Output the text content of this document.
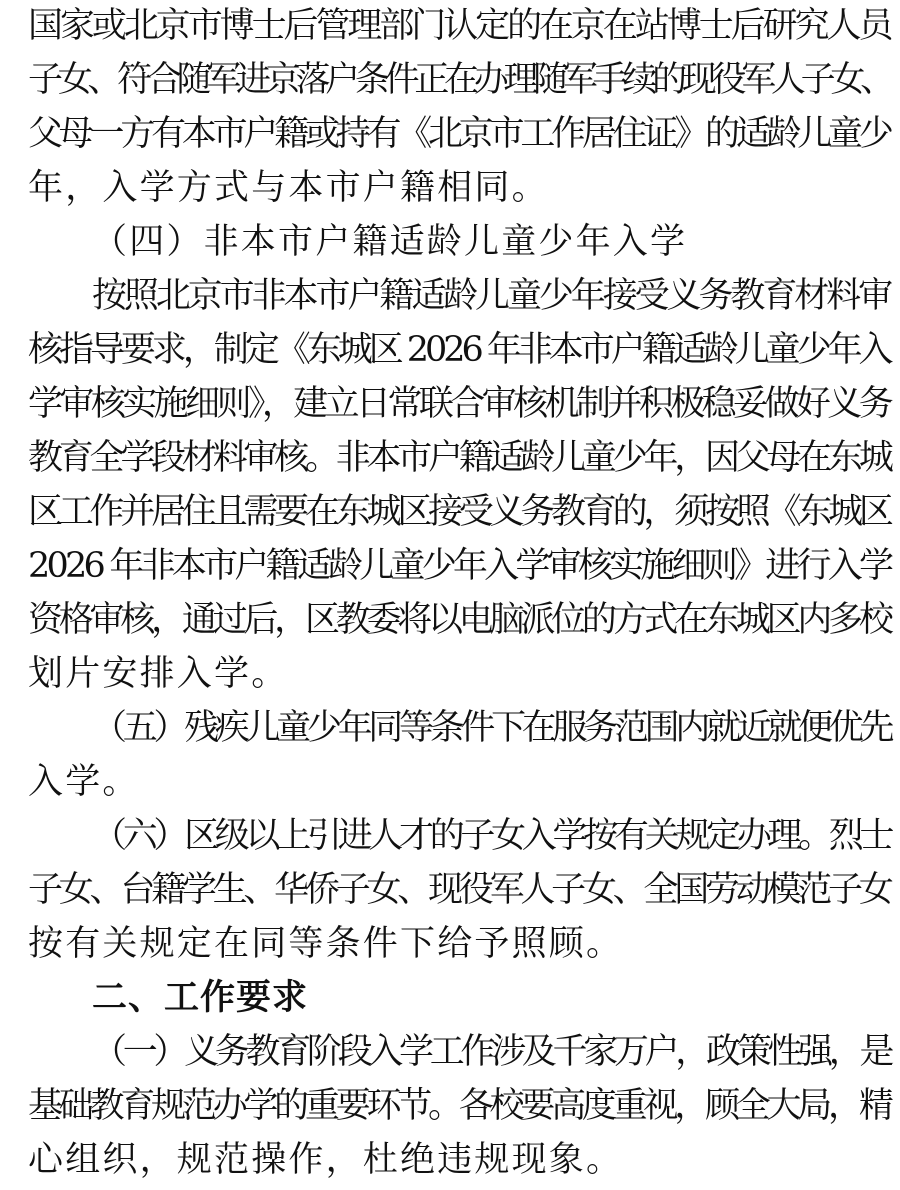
国家或北京市博士后管理部门认定的在京在站博士后研究人员
子女、符合随军进京落户条件正在办理随军手续的现役军人子女、
父母一方有本市户籍或持有《北京市工作居住证》的适龄儿童少
年，入学方式与本市户籍相同。
（四）非本市户籍适龄儿童少年入学
按照北京市非本市户籍适龄儿童少年接受义务教育材料审
核指导要求，制定《东城区 2026 年非本市户籍适龄儿童少年入
学审核实施细则》，建立日常联合审核机制并积极稳妥做好义务
教育全学段材料审核。非本市户籍适龄儿童少年，因父母在东城
区工作并居住且需要在东城区接受义务教育的，须按照《东城区
2026 年非本市户籍适龄儿童少年入学审核实施细则》进行入学
资格审核，通过后，区教委将以电脑派位的方式在东城区内多校
划片安排入学。
（五）残疾儿童少年同等条件下在服务范围内就近就便优先
入学。
（六）区级以上引进人才的子女入学按有关规定办理。烈士
子女、台籍学生、华侨子女、现役军人子女、全国劳动模范子女
按有关规定在同等条件下给予照顾。
二、工作要求
（一）义务教育阶段入学工作涉及千家万户，政策性强，是
基础教育规范办学的重要环节。各校要高度重视，顾全大局，精
心组织，规范操作，杜绝违规现象。
